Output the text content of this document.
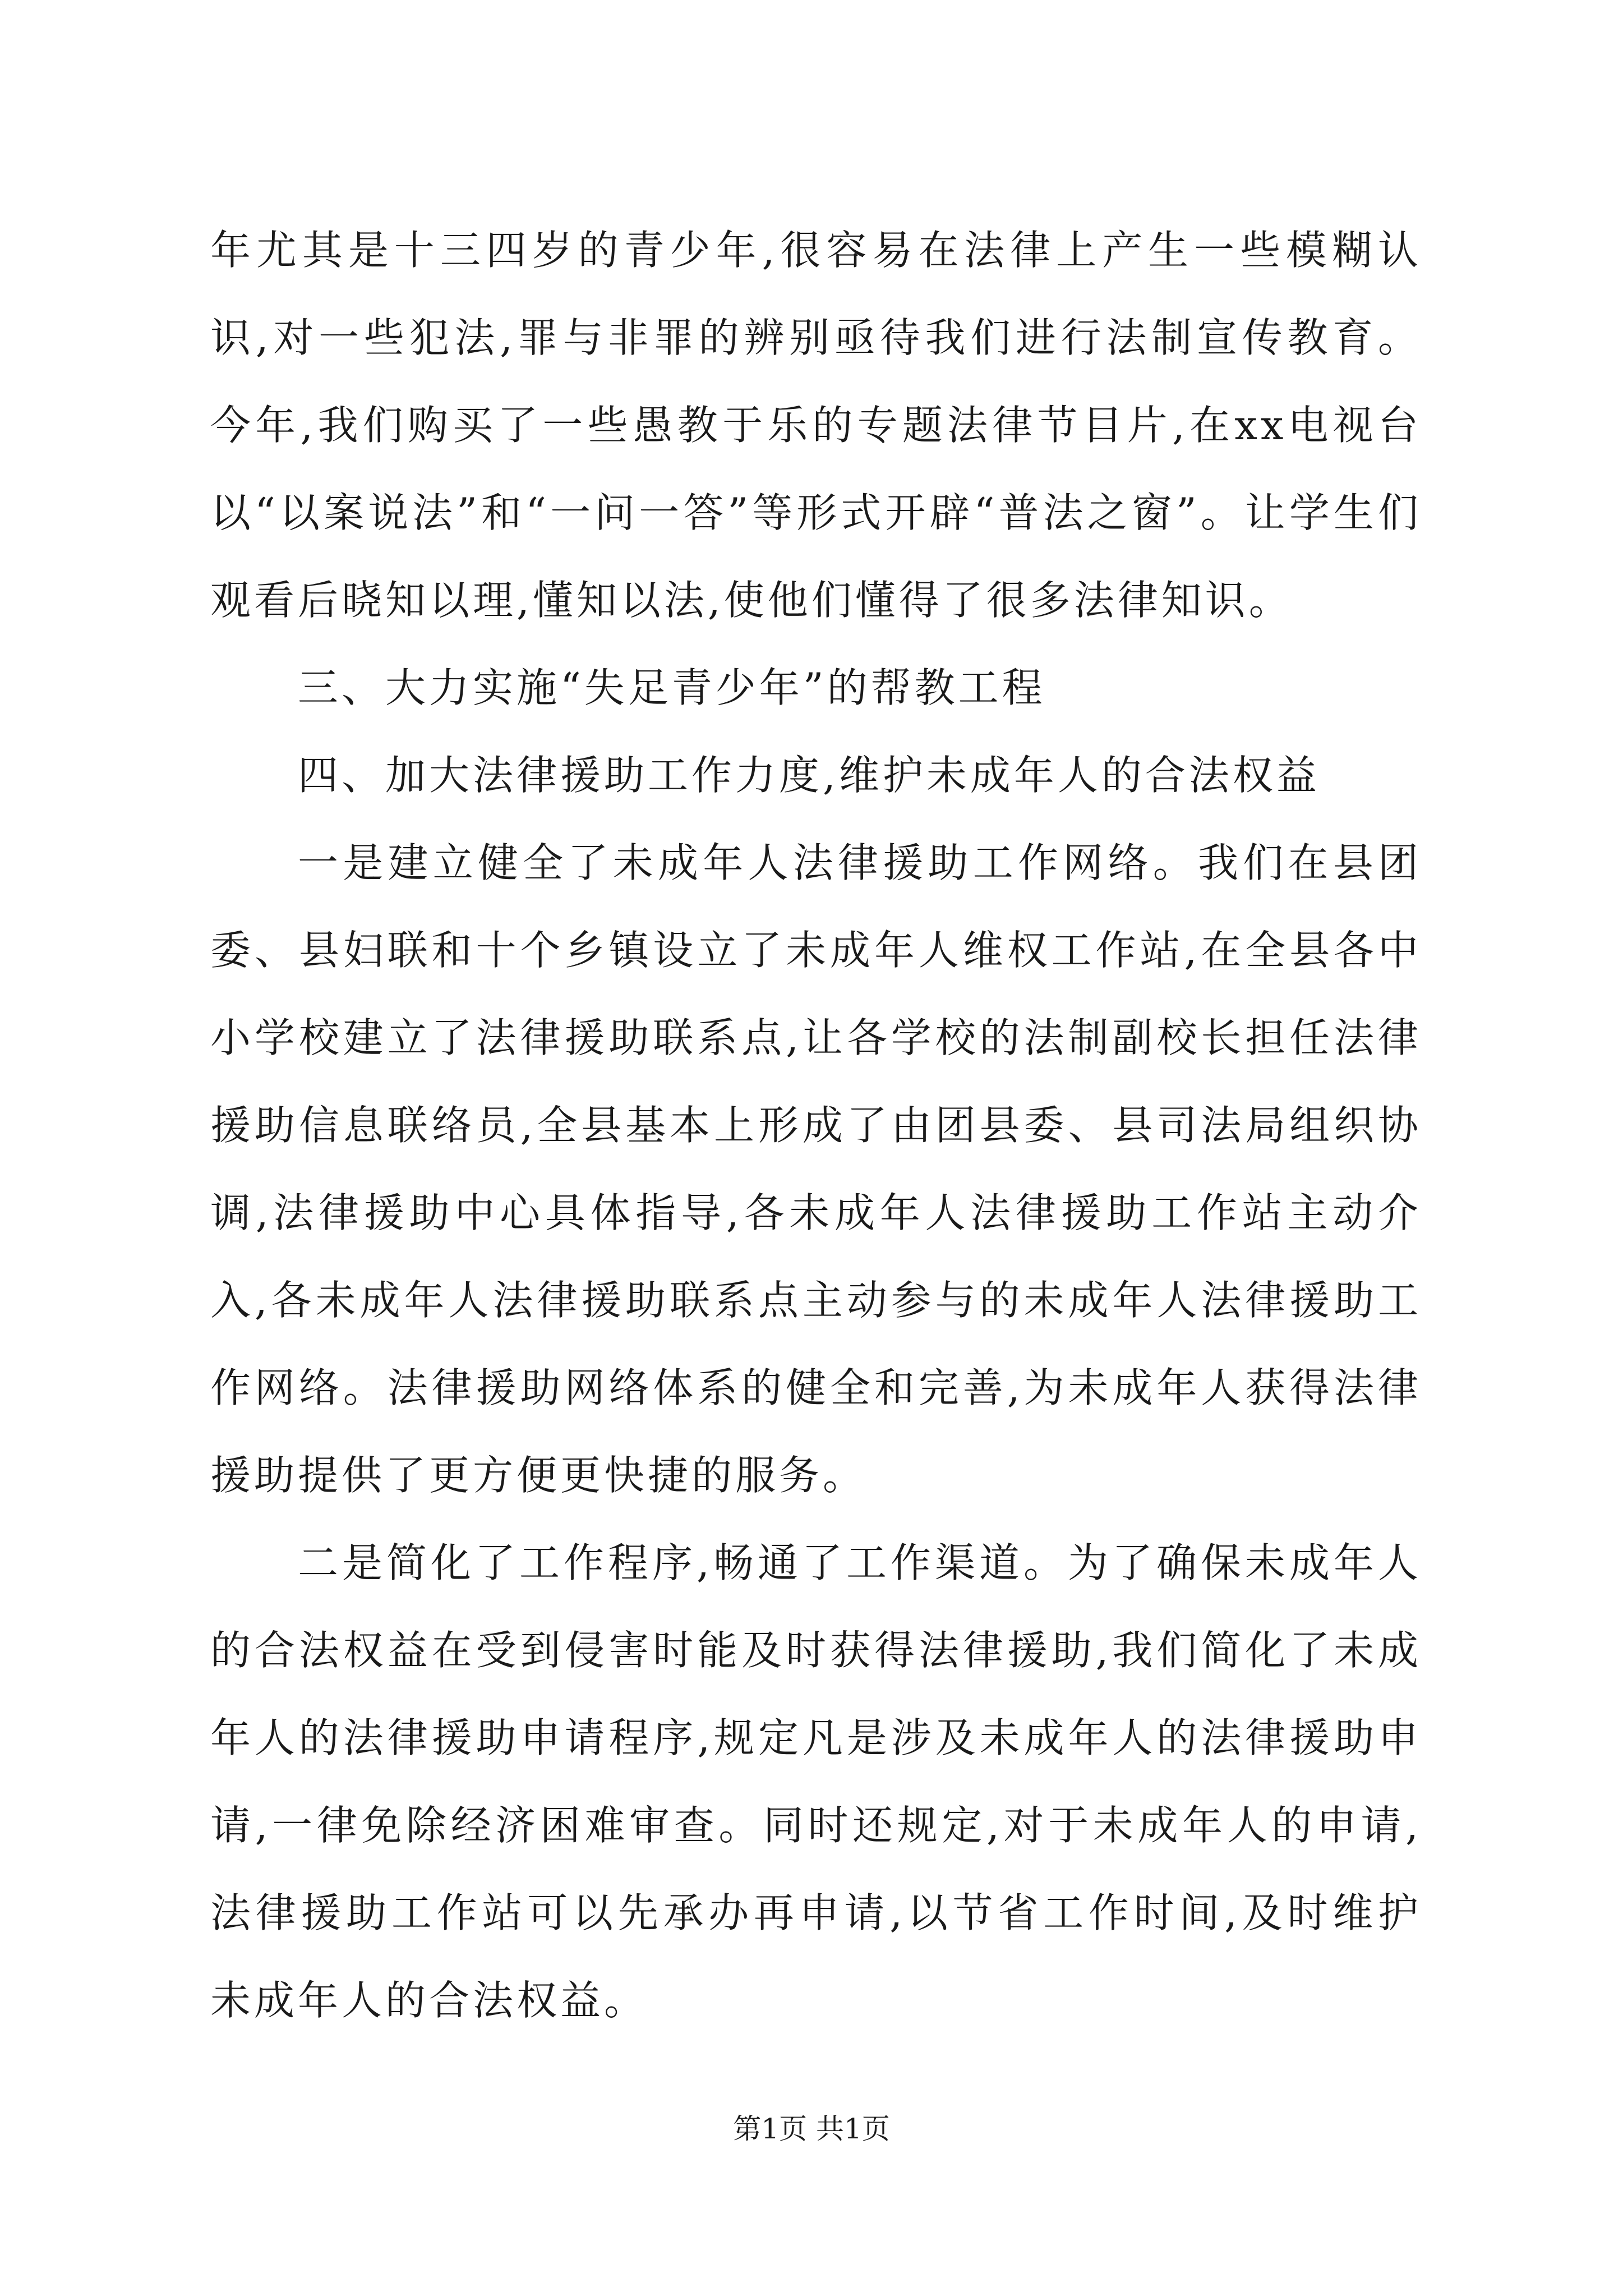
年尤其是十三四岁的青少年,很容易在法律上产生一些模糊认识,对一些犯法,罪与非罪的辨别亟待我们进行法制宣传教育。今年,我们购买了一些愚教于乐的专题法律节目片,在xx电视台以“以案说法”和“一问一答”等形式开辟“普法之窗”。让学生们观看后晓知以理,懂知以法,使他们懂得了很多法律知识。

三、大力实施“失足青少年”的帮教工程

四、加大法律援助工作力度,维护未成年人的合法权益

一是建立健全了未成年人法律援助工作网络。我们在县团委、县妇联和十个乡镇设立了未成年人维权工作站,在全县各中小学校建立了法律援助联系点,让各学校的法制副校长担任法律援助信息联络员,全县基本上形成了由团县委、县司法局组织协调,法律援助中心具体指导,各未成年人法律援助工作站主动介入,各未成年人法律援助联系点主动参与的未成年人法律援助工作网络。法律援助网络体系的健全和完善,为未成年人获得法律援助提供了更方便更快捷的服务。

二是简化了工作程序,畅通了工作渠道。为了确保未成年人的合法权益在受到侵害时能及时获得法律援助,我们简化了未成年人的法律援助申请程序,规定凡是涉及未成年人的法律援助申请,一律免除经济困难审查。同时还规定,对于未成年人的申请,法律援助工作站可以先承办再申请,以节省工作时间,及时维护未成年人的合法权益。

第1页 共1页
